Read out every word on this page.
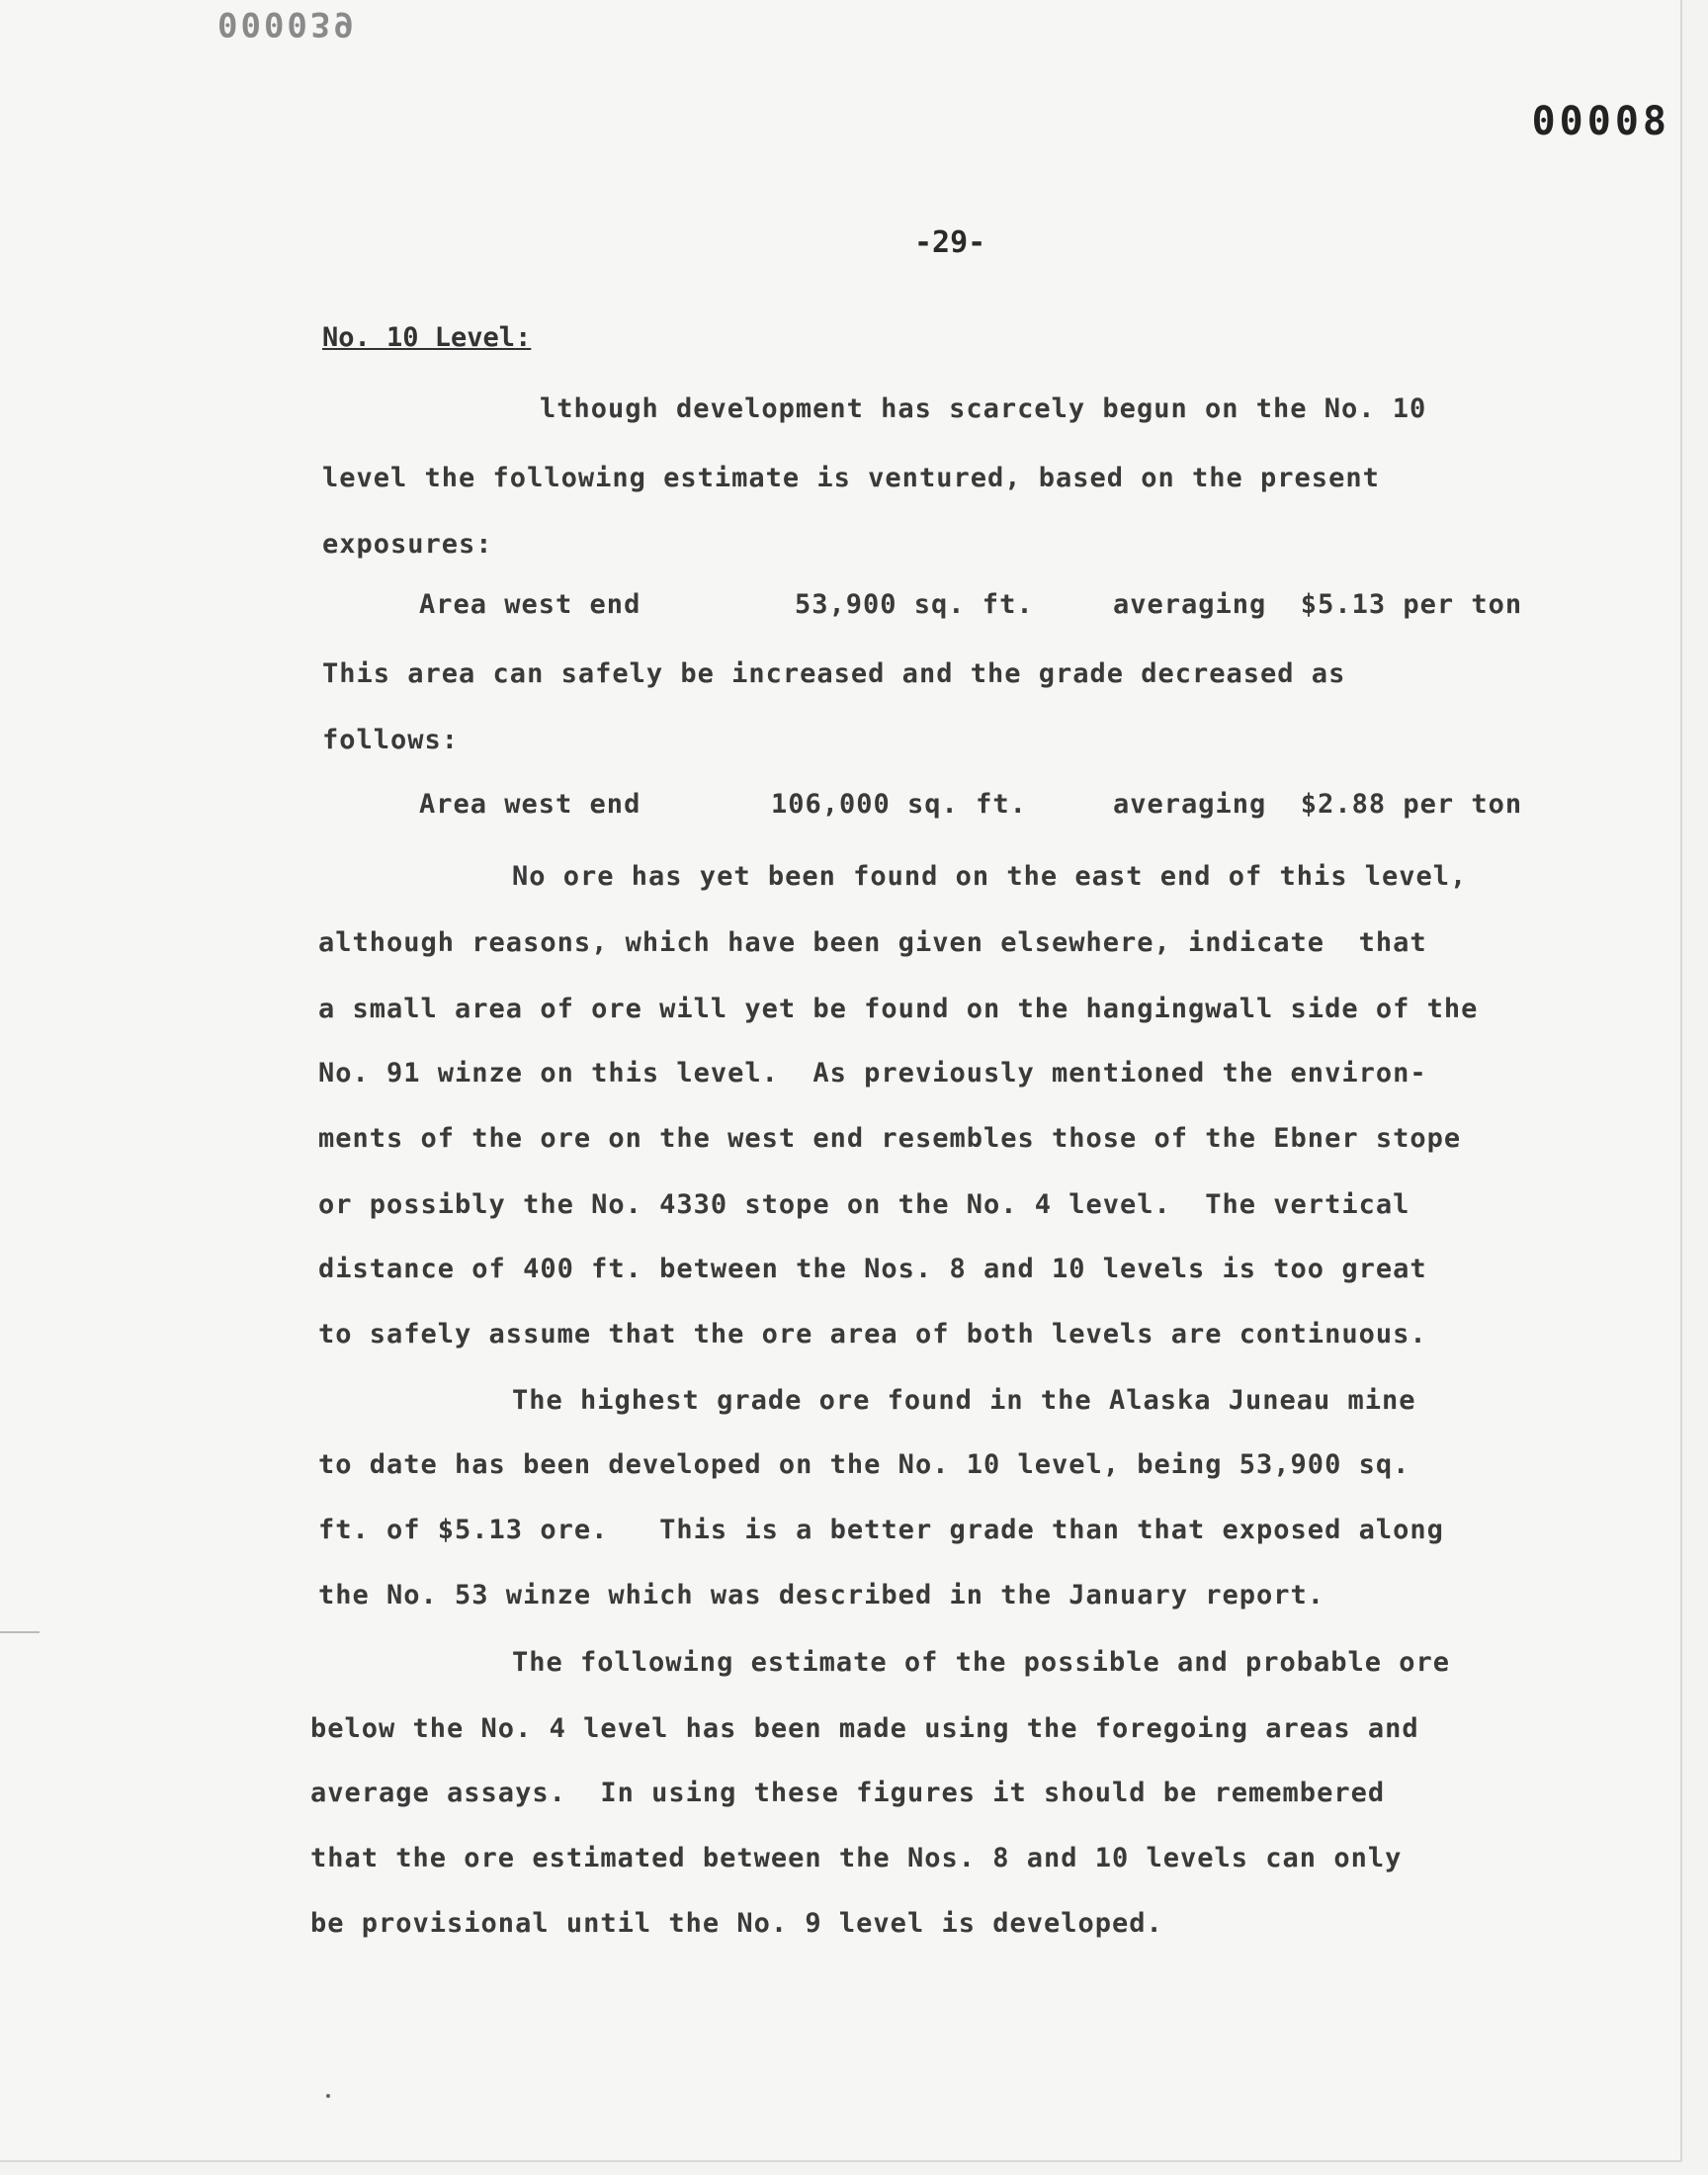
000039
00008
-29-
No. 10 Level:
lthough development has scarcely begun on the No. 10
level the following estimate is ventured, based on the present
exposures:
Area west end	53,900 sq. ft.	averaging  $5.13 per ton
This area can safely be increased and the grade decreased as
follows:
Area west end	106,000 sq. ft.	averaging  $2.88 per ton
No ore has yet been found on the east end of this level,
although reasons, which have been given elsewhere, indicate  that
a small area of ore will yet be found on the hangingwall side of the
No. 91 winze on this level.  As previously mentioned the environ-
ments of the ore on the west end resembles those of the Ebner stope
or possibly the No. 4330 stope on the No. 4 level.  The vertical
distance of 400 ft. between the Nos. 8 and 10 levels is too great
to safely assume that the ore area of both levels are continuous.
The highest grade ore found in the Alaska Juneau mine
to date has been developed on the No. 10 level, being 53,900 sq.
ft. of $5.13 ore.   This is a better grade than that exposed along
the No. 53 winze which was described in the January report.
The following estimate of the possible and probable ore
below the No. 4 level has been made using the foregoing areas and
average assays.  In using these figures it should be remembered
that the ore estimated between the Nos. 8 and 10 levels can only
be provisional until the No. 9 level is developed.
